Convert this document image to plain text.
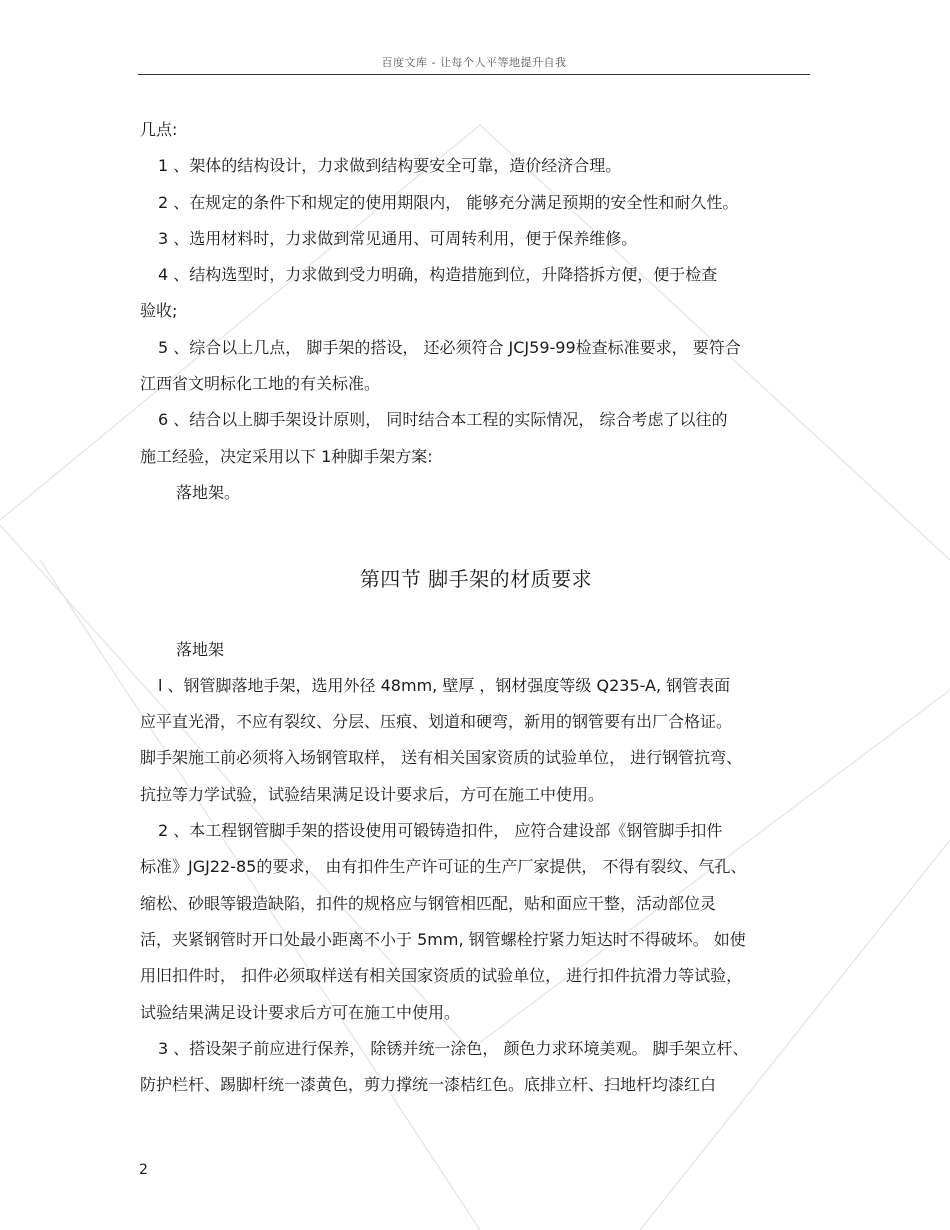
百度文库 - 让每个人平等地提升自我

几点:

1 、架体的结构设计，力求做到结构要安全可靠，造价经济合理。

2 、在规定的条件下和规定的使用期限内， 能够充分满足预期的安全性和耐久性。

3 、选用材料时，力求做到常见通用、可周转利用，便于保养维修。

4 、结构选型时，力求做到受力明确，构造措施到位，升降搭拆方便，便于检查

验收;

5 、综合以上几点， 脚手架的搭设， 还必须符合 JCJ59-99检查标准要求， 要符合

江西省文明标化工地的有关标准。

6 、结合以上脚手架设计原则， 同时结合本工程的实际情况， 综合考虑了以往的

施工经验，决定采用以下 1种脚手架方案:

落地架。

第四节 脚手架的材质要求

落地架

l 、钢管脚落地手架，选用外径 48mm, 壁厚 ，钢材强度等级 Q235-A, 钢管表面

应平直光滑，不应有裂纹、分层、压痕、划道和硬弯，新用的钢管要有出厂合格证。

脚手架施工前必须将入场钢管取样， 送有相关国家资质的试验单位， 进行钢管抗弯、

抗拉等力学试验，试验结果满足设计要求后，方可在施工中使用。

2 、本工程钢管脚手架的搭设使用可锻铸造扣件， 应符合建设部《钢管脚手扣件

标准》JGJ22-85的要求， 由有扣件生产许可证的生产厂家提供， 不得有裂纹、气孔、

缩松、砂眼等锻造缺陷，扣件的规格应与钢管相匹配，贴和面应干整，活动部位灵

活，夹紧钢管时开口处最小距离不小于 5mm, 钢管螺栓拧紧力矩达时不得破坏。 如使

用旧扣件时， 扣件必须取样送有相关国家资质的试验单位， 进行扣件抗滑力等试验，

试验结果满足设计要求后方可在施工中使用。

3 、搭设架子前应进行保养， 除锈并统一涂色， 颜色力求环境美观。 脚手架立杆、

防护栏杆、踢脚杆统一漆黄色，剪力撑统一漆桔红色。底排立杆、扫地杆均漆红白

2
